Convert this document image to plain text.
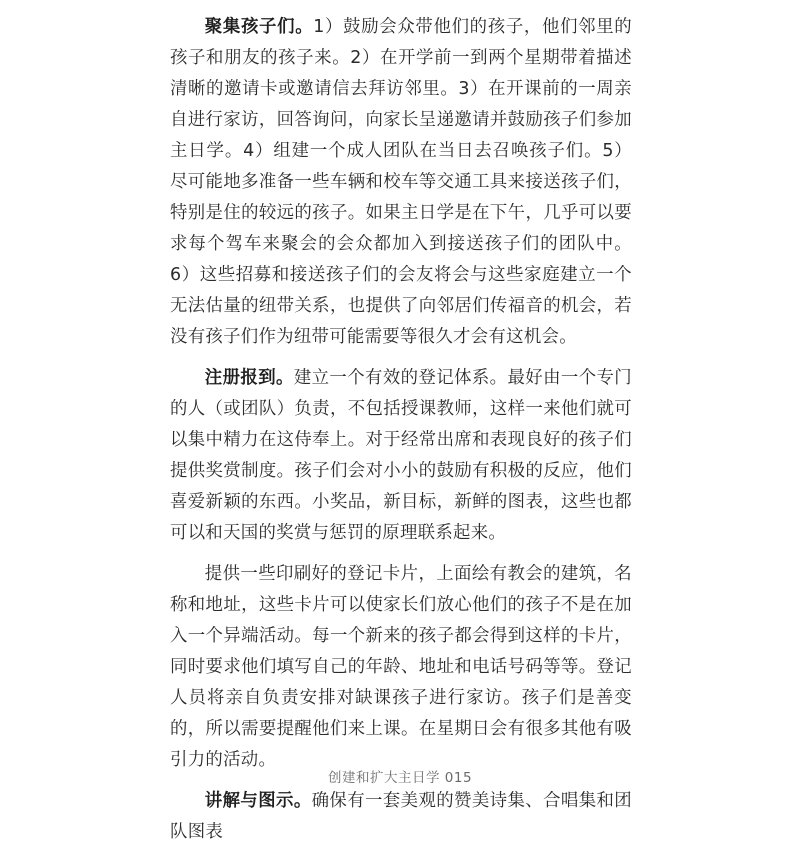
聚集孩子们。1）鼓励会众带他们的孩子，他们邻里的孩子和朋友的孩子来。2）在开学前一到两个星期带着描述清晰的邀请卡或邀请信去拜访邻里。3）在开课前的一周亲自进行家访，回答询问，向家长呈递邀请并鼓励孩子们参加主日学。4）组建一个成人团队在当日去召唤孩子们。5）尽可能地多准备一些车辆和校车等交通工具来接送孩子们，特别是住的较远的孩子。如果主日学是在下午，几乎可以要求每个驾车来聚会的会众都加入到接送孩子们的团队中。6）这些招募和接送孩子们的会友将会与这些家庭建立一个无法估量的纽带关系，也提供了向邻居们传福音的机会，若没有孩子们作为纽带可能需要等很久才会有这机会。

注册报到。建立一个有效的登记体系。最好由一个专门的人（或团队）负责，不包括授课教师，这样一来他们就可以集中精力在这侍奉上。对于经常出席和表现良好的孩子们提供奖赏制度。孩子们会对小小的鼓励有积极的反应，他们喜爱新颖的东西。小奖品，新目标，新鲜的图表，这些也都可以和天国的奖赏与惩罚的原理联系起来。

提供一些印刷好的登记卡片，上面绘有教会的建筑，名称和地址，这些卡片可以使家长们放心他们的孩子不是在加入一个异端活动。每一个新来的孩子都会得到这样的卡片，同时要求他们填写自己的年龄、地址和电话号码等等。登记人员将亲自负责安排对缺课孩子进行家访。孩子们是善变的，所以需要提醒他们来上课。在星期日会有很多其他有吸引力的活动。

讲解与图示。确保有一套美观的赞美诗集、合唱集和团队图表

创建和扩大主日学 015
